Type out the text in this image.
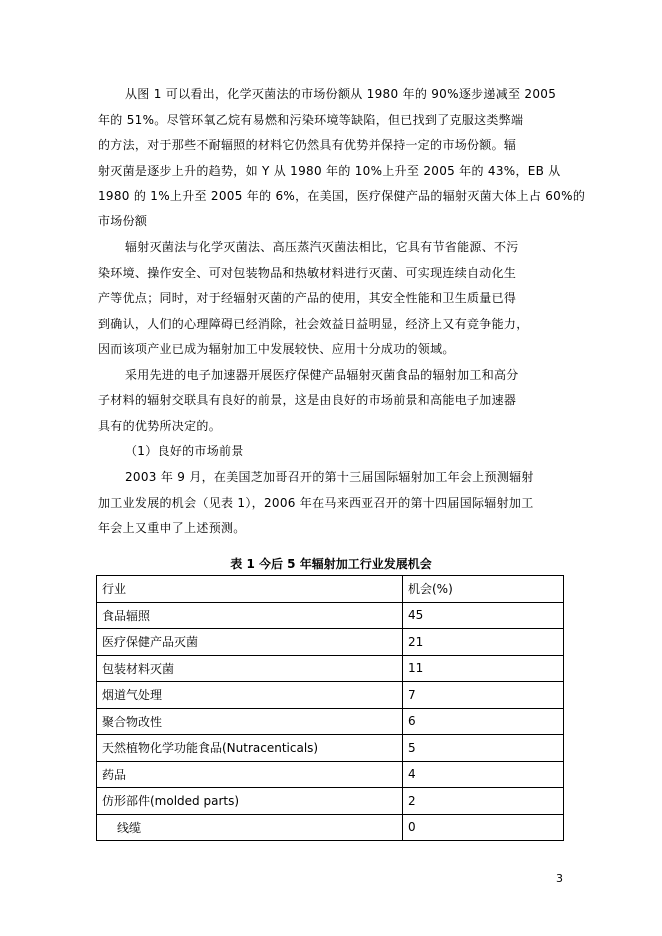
从图 1 可以看出，化学灭菌法的市场份额从 1980 年的 90%逐步递减至 2005
年的 51%。尽管环氧乙烷有易燃和污染环境等缺陷，但已找到了克服这类弊端
的方法，对于那些不耐辐照的材料它仍然具有优势并保持一定的市场份额。辐
射灭菌是逐步上升的趋势，如 Y 从 1980 年的 10%上升至 2005 年的 43%，EB 从
1980 的 1%上升至 2005 年的 6%，在美国，医疗保健产品的辐射灭菌大体上占 60%的
市场份额
辐射灭菌法与化学灭菌法、高压蒸汽灭菌法相比，它具有节省能源、不污
染环境、操作安全、可对包装物品和热敏材料进行灭菌、可实现连续自动化生
产等优点；同时，对于经辐射灭菌的产品的使用，其安全性能和卫生质量已得
到确认，人们的心理障碍已经消除，社会效益日益明显，经济上又有竞争能力，
因而该项产业已成为辐射加工中发展较快、应用十分成功的领域。
采用先进的电子加速器开展医疗保健产品辐射灭菌食品的辐射加工和高分
子材料的辐射交联具有良好的前景，这是由良好的市场前景和高能电子加速器
具有的优势所决定的。
（1）良好的市场前景
2003 年 9 月，在美国芝加哥召开的第十三届国际辐射加工年会上预测辐射
加工业发展的机会（见表 1），2006 年在马来西亚召开的第十四届国际辐射加工
年会上又重申了上述预测。
表 1 今后 5 年辐射加工行业发展机会
行业	机会(%)
食品辐照	45
医疗保健产品灭菌	21
包装材料灭菌	11
烟道气处理	7
聚合物改性	6
天然植物化学功能食品(Nutracenticals)	5
药品	4
仿形部件(molded parts)	2
线缆	0
3
